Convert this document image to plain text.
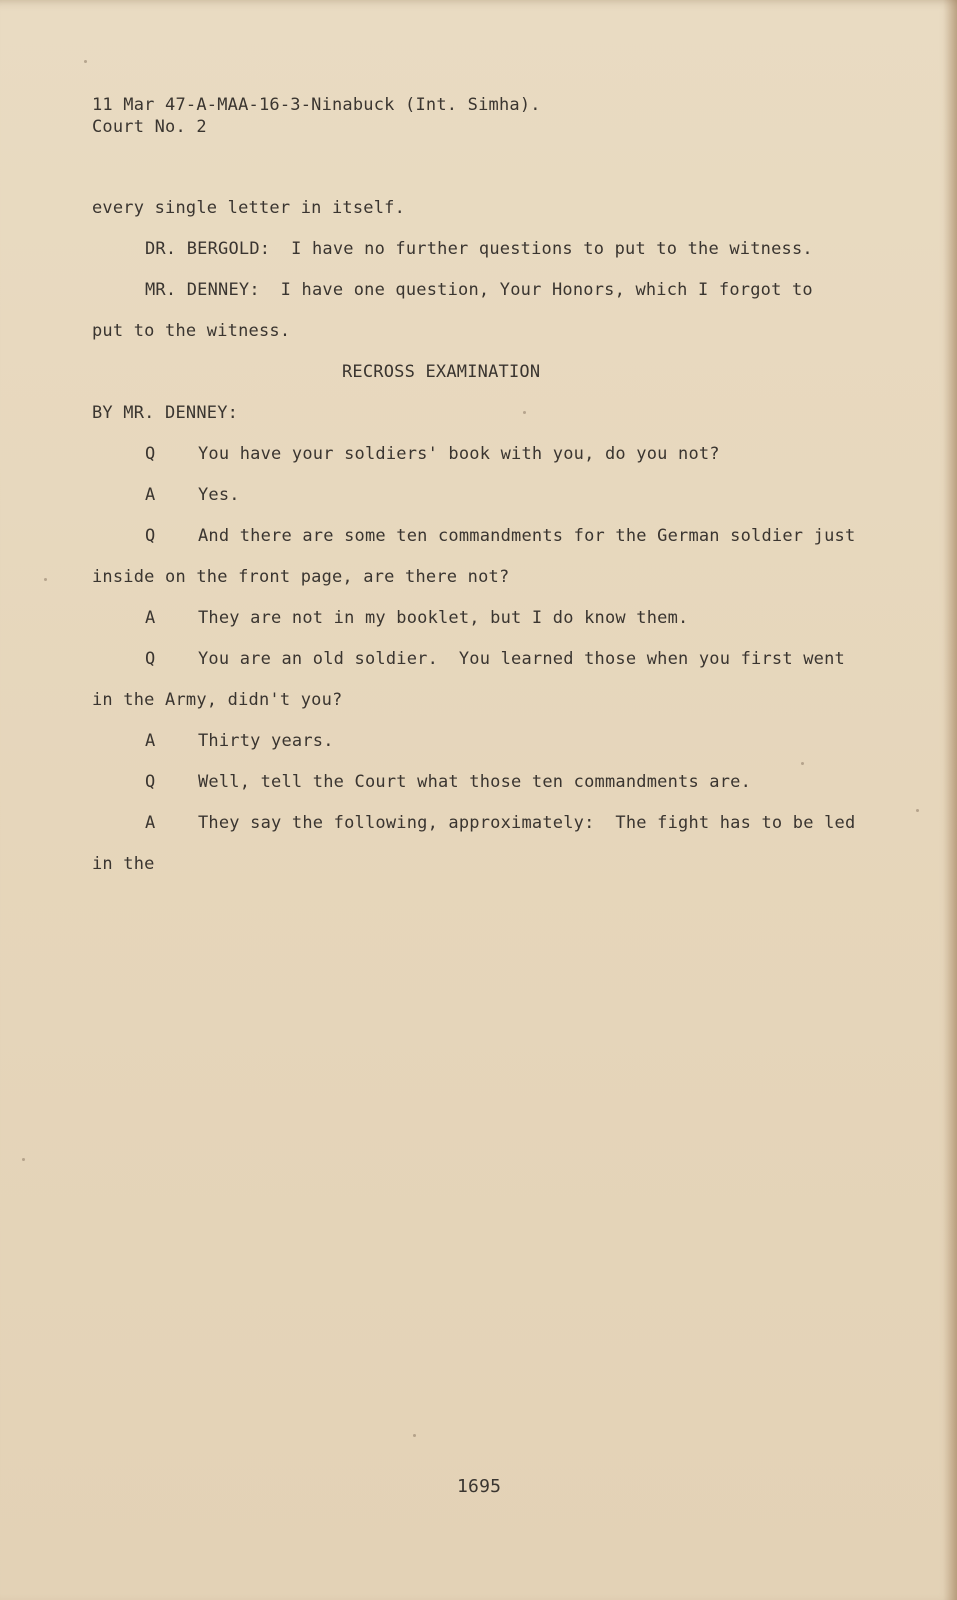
11 Mar 47-A-MAA-16-3-Ninabuck (Int. Simha).
Court No. 2
every single letter in itself.
DR. BERGOLD:  I have no further questions to put to the witness.
MR. DENNEY:  I have one question, Your Honors, which I forgot to
put to the witness.
RECROSS EXAMINATION
BY MR. DENNEY:
Q	You have your soldiers' book with you, do you not?
A	Yes.
Q	And there are some ten commandments for the German soldier just
inside on the front page, are there not?
A	They are not in my booklet, but I do know them.
Q	You are an old soldier.  You learned those when you first went
in the Army, didn't you?
A	Thirty years.
Q	Well, tell the Court what those ten commandments are.
A	They say the following, approximately:  The fight has to be led
in the
1695
